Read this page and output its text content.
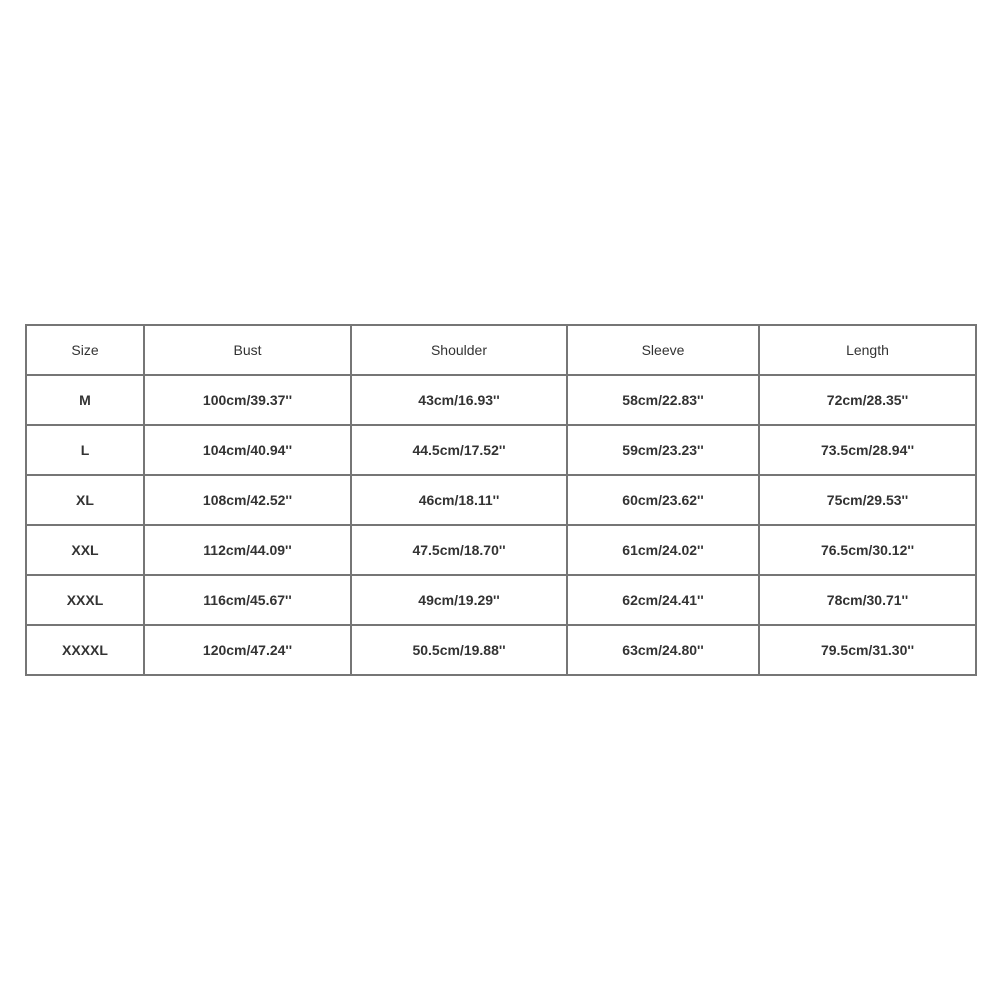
Size	Bust	Shoulder	Sleeve	Length
M	100cm/39.37''	43cm/16.93''	58cm/22.83''	72cm/28.35''
L	104cm/40.94''	44.5cm/17.52''	59cm/23.23''	73.5cm/28.94''
XL	108cm/42.52''	46cm/18.11''	60cm/23.62''	75cm/29.53''
XXL	112cm/44.09''	47.5cm/18.70''	61cm/24.02''	76.5cm/30.12''
XXXL	116cm/45.67''	49cm/19.29''	62cm/24.41''	78cm/30.71''
XXXXL	120cm/47.24''	50.5cm/19.88''	63cm/24.80''	79.5cm/31.30''
